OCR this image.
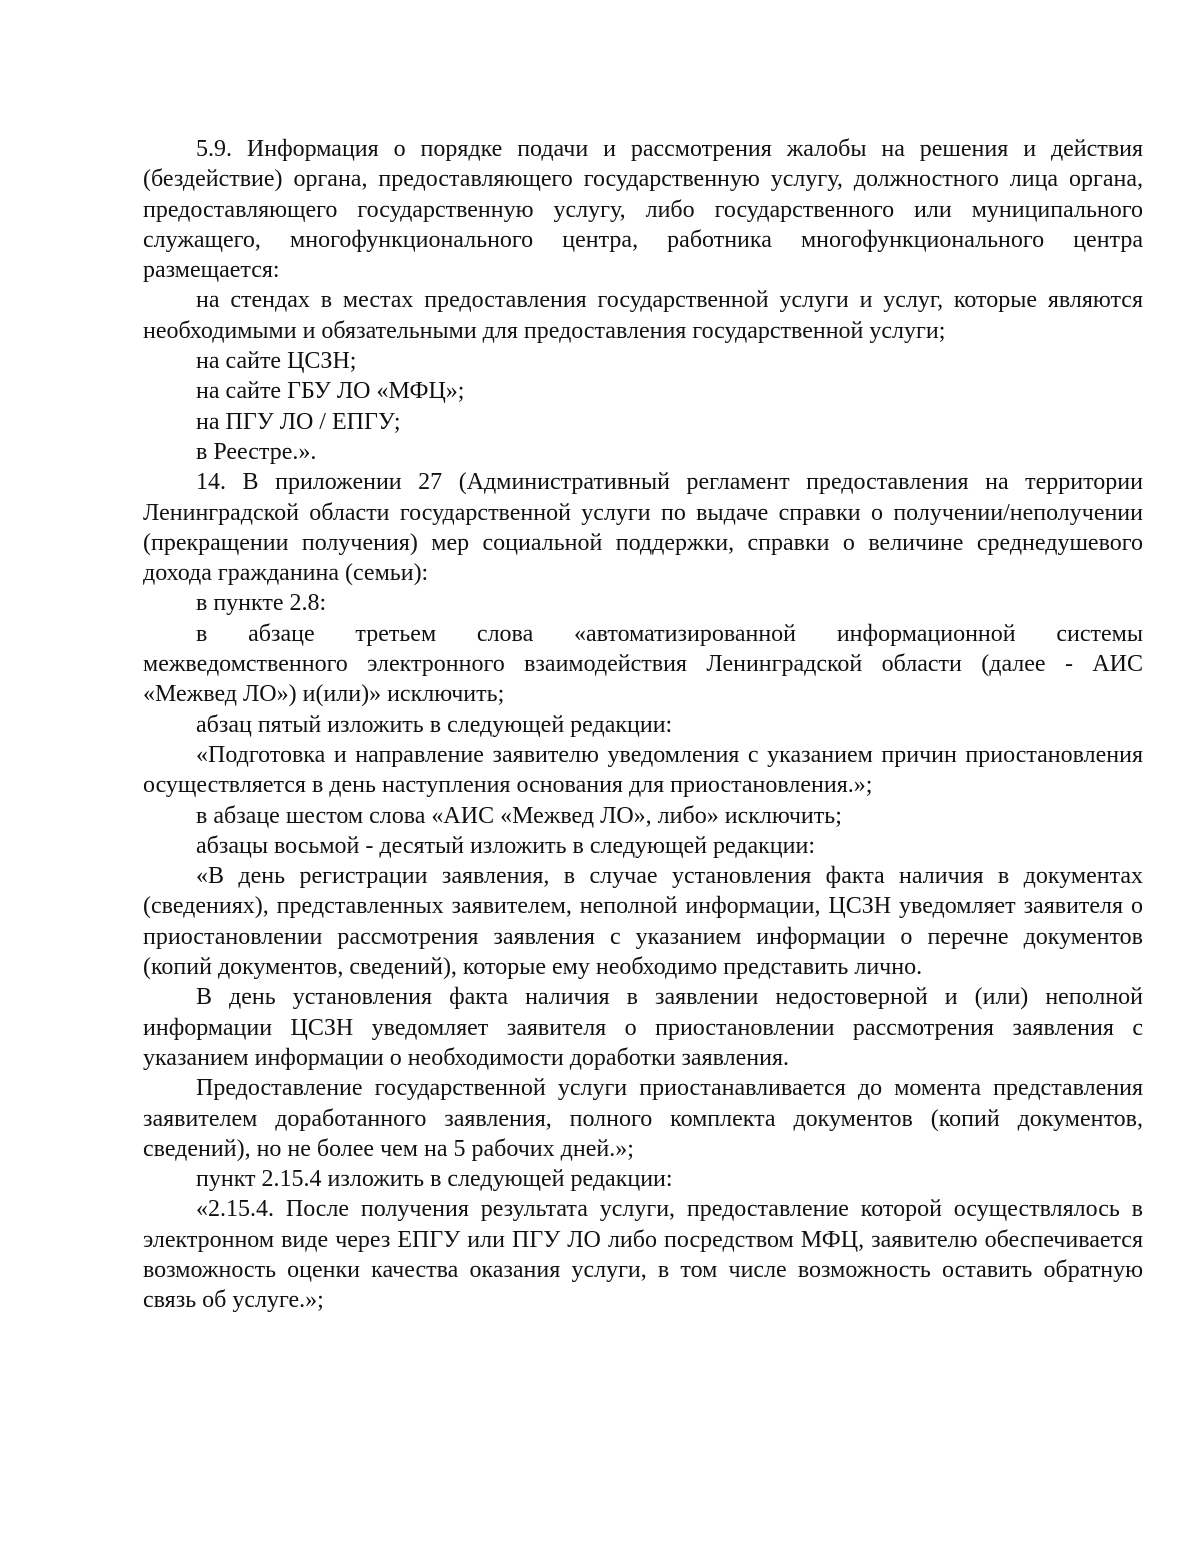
5.9. Информация о порядке подачи и рассмотрения жалобы на решения и действия (бездействие) органа, предоставляющего государственную услугу, должностного лица органа, предоставляющего государственную услугу, либо государственного или муниципального служащего, многофункционального центра, работника многофункционального центра размещается:

на стендах в местах предоставления государственной услуги и услуг, которые являются необходимыми и обязательными для предоставления государственной услуги;

на сайте ЦСЗН;

на сайте ГБУ ЛО «МФЦ»;

на ПГУ ЛО / ЕПГУ;

в Реестре.».

14. В приложении 27 (Административный регламент предоставления на территории Ленинградской области государственной услуги по выдаче справки о получении/неполучении (прекращении получения) мер социальной поддержки, справки о величине среднедушевого дохода гражданина (семьи):

в пункте 2.8:

в абзаце третьем слова «автоматизированной информационной системы межведомственного электронного взаимодействия Ленинградской области (далее - АИС «Межвед ЛО») и(или)» исключить;

абзац пятый изложить в следующей редакции:

«Подготовка и направление заявителю уведомления с указанием причин приостановления осуществляется в день наступления основания для приостановления.»;

в абзаце шестом слова «АИС «Межвед ЛО», либо» исключить;

абзацы восьмой - десятый изложить в следующей редакции:

«В день регистрации заявления, в случае установления факта наличия в документах (сведениях), представленных заявителем, неполной информации, ЦСЗН уведомляет заявителя о приостановлении рассмотрения заявления с указанием информации о перечне документов (копий документов, сведений), которые ему необходимо представить лично.

В день установления факта наличия в заявлении недостоверной и (или) неполной информации ЦСЗН уведомляет заявителя о приостановлении рассмотрения заявления с указанием информации о необходимости доработки заявления.

Предоставление государственной услуги приостанавливается до момента представления заявителем доработанного заявления, полного комплекта документов (копий документов, сведений), но не более чем на 5 рабочих дней.»;

пункт 2.15.4 изложить в следующей редакции:

«2.15.4. После получения результата услуги, предоставление которой осуществлялось в электронном виде через ЕПГУ или ПГУ ЛО либо посредством МФЦ, заявителю обеспечивается возможность оценки качества оказания услуги, в том числе возможность оставить обратную связь об услуге.»;
